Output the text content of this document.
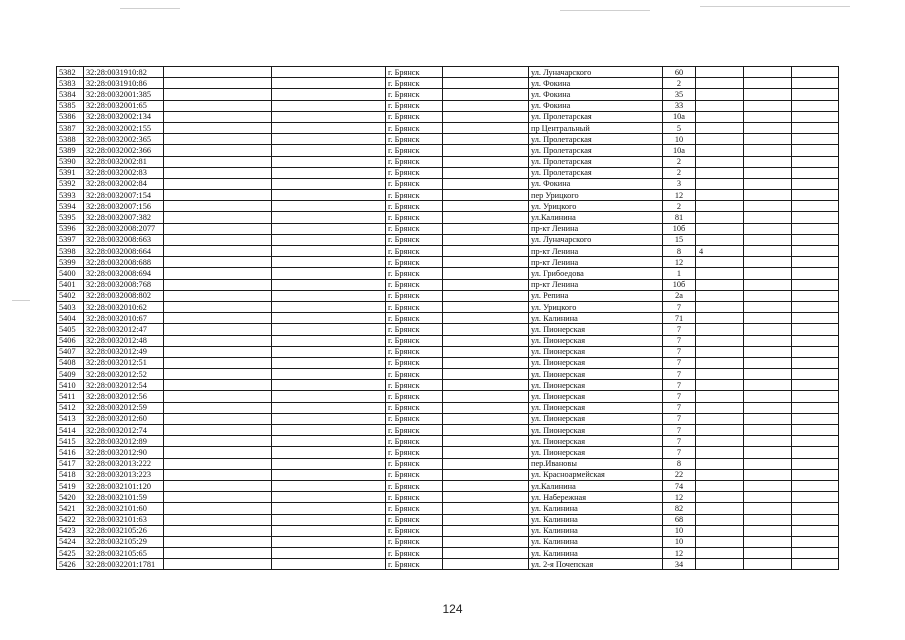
5382	32:28:0031910:82			г. Брянск		ул. Луначарского	60			
5383	32:28:0031910:86			г. Брянск		ул. Фокина	2			
5384	32:28:0032001:385			г. Брянск		ул. Фокина	35			
5385	32:28:0032001:65			г. Брянск		ул. Фокина	33			
5386	32:28:0032002:134			г. Брянск		ул. Пролетарская	10а			
5387	32:28:0032002:155			г. Брянск		пр Центральный	5			
5388	32:28:0032002:365			г. Брянск		ул. Пролетарская	10			
5389	32:28:0032002:366			г. Брянск		ул. Пролетарская	10а			
5390	32:28:0032002:81			г. Брянск		ул. Пролетарская	2			
5391	32:28:0032002:83			г. Брянск		ул. Пролетарская	2			
5392	32:28:0032002:84			г. Брянск		ул. Фокина	3			
5393	32:28:0032007:154			г. Брянск		пер Урицкого	12			
5394	32:28:0032007:156			г. Брянск		ул. Урицкого	2			
5395	32:28:0032007:382			г. Брянск		ул.Калинина	81			
5396	32:28:0032008:2077			г. Брянск		пр-кт Ленина	10б			
5397	32:28:0032008:663			г. Брянск		ул. Луначарского	15			
5398	32:28:0032008:664			г. Брянск		пр-кт Ленина	8	4		
5399	32:28:0032008:688			г. Брянск		пр-кт Ленина	12			
5400	32:28:0032008:694			г. Брянск		ул. Грибоедова	1			
5401	32:28:0032008:768			г. Брянск		пр-кт Ленина	10б			
5402	32:28:0032008:802			г. Брянск		ул. Репина	2а			
5403	32:28:0032010:62			г. Брянск		ул. Урицкого	7			
5404	32:28:0032010:67			г. Брянск		ул. Калинина	71			
5405	32:28:0032012:47			г. Брянск		ул. Пионерская	7			
5406	32:28:0032012:48			г. Брянск		ул. Пионерская	7			
5407	32:28:0032012:49			г. Брянск		ул. Пионерская	7			
5408	32:28:0032012:51			г. Брянск		ул. Пионерская	7			
5409	32:28:0032012:52			г. Брянск		ул. Пионерская	7			
5410	32:28:0032012:54			г. Брянск		ул. Пионерская	7			
5411	32:28:0032012:56			г. Брянск		ул. Пионерская	7			
5412	32:28:0032012:59			г. Брянск		ул. Пионерская	7			
5413	32:28:0032012:60			г. Брянск		ул. Пионерская	7			
5414	32:28:0032012:74			г. Брянск		ул. Пионерская	7			
5415	32:28:0032012:89			г. Брянск		ул. Пионерская	7			
5416	32:28:0032012:90			г. Брянск		ул. Пионерская	7			
5417	32:28:0032013:222			г. Брянск		пер.Ивановы	8			
5418	32:28:0032013:223			г. Брянск		ул. Красноармейская	22			
5419	32:28:0032101:120			г. Брянск		ул.Калинина	74			
5420	32:28:0032101:59			г. Брянск		ул. Набережная	12			
5421	32:28:0032101:60			г. Брянск		ул. Калинина	82			
5422	32:28:0032101:63			г. Брянск		ул. Калинина	68			
5423	32:28:0032105:26			г. Брянск		ул. Калинина	10			
5424	32:28:0032105:29			г. Брянск		ул. Калинина	10			
5425	32:28:0032105:65			г. Брянск		ул. Калинина	12			
5426	32:28:0032201:1781			г. Брянск		ул. 2-я Почепская	34			
124
